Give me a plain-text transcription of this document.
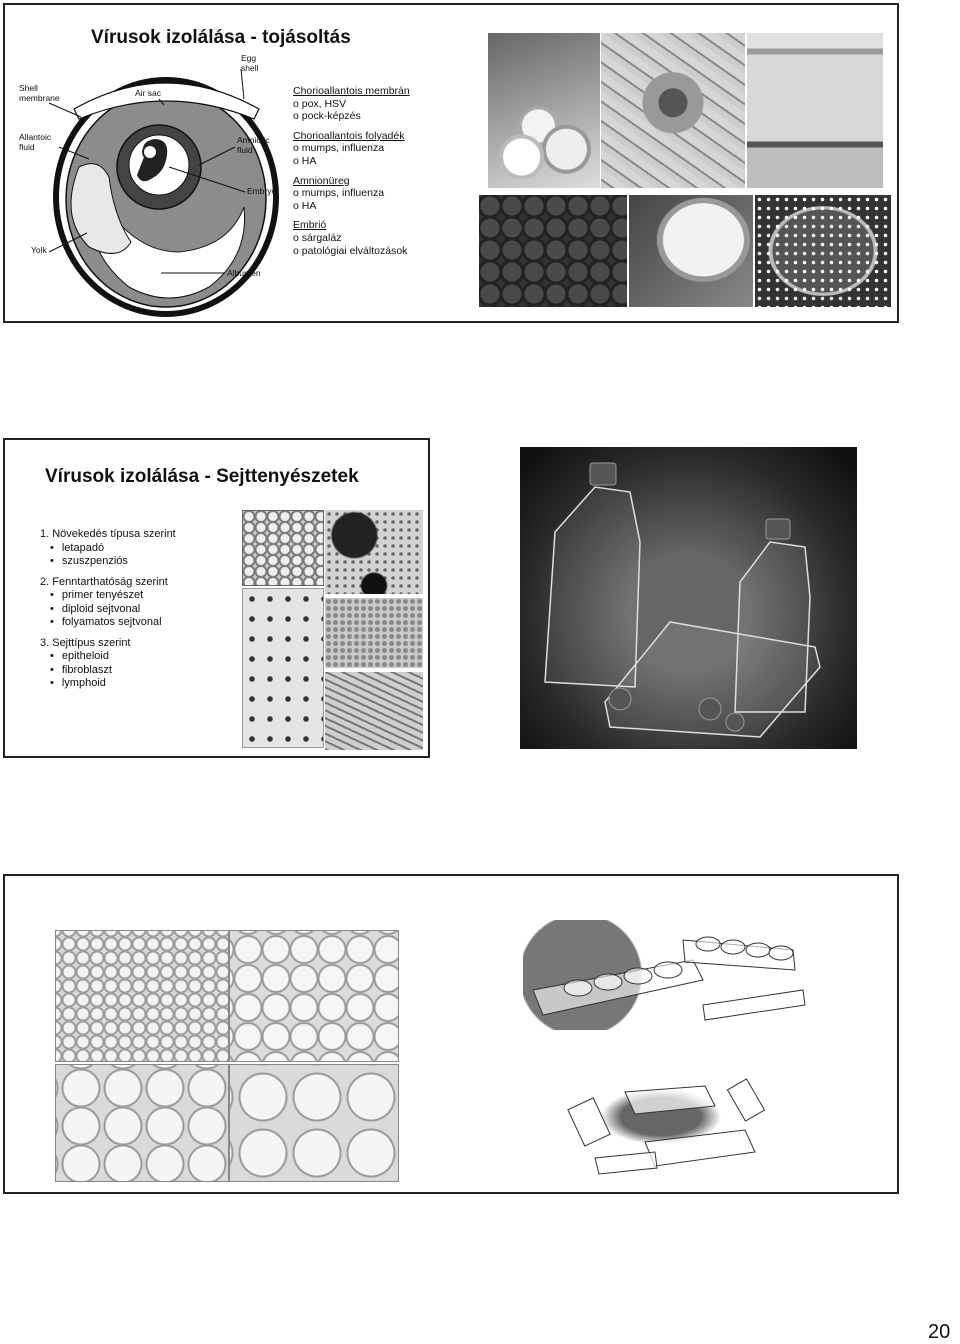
Vírusok izolálása - tojásoltás
Shell membrane	Air sac
Egg shell
Allantoic fluid
Amniotic fluid
Embryo
Yolk
Albumen
Chorioallantois membrán
o pox, HSV
o pock-képzés
Chorioallantois folyadék
o mumps, influenza
o HA
Amnionüreg
o mumps, influenza
o HA
Embrió
o sárgaláz
o patológiai elváltozások
Vírusok izolálása - Sejttenyészetek
1. Növekedés típusa szerint
• letapadó
• szuszpenziós
2. Fenntarthatóság szerint
• primer tenyészet
• diploid sejtvonal
• folyamatos sejtvonal
3. Sejttípus szerint
• epitheloid
• fibroblaszt
• lymphoid
20
